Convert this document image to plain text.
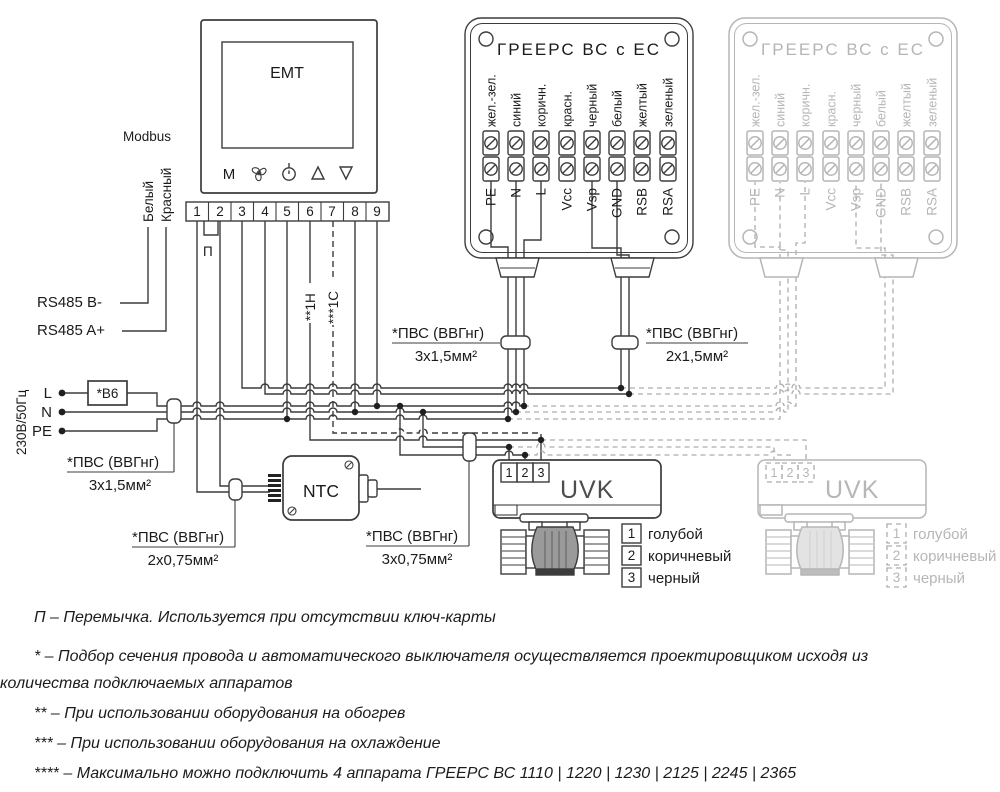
*ПВС (ВВГнг)
3х1,5мм²
*ПВС (ВВГнг)
2х0,75мм²
*ПВС (ВВГнг)
3х0,75мм²
*ПВС (ВВГнг)
3х1,5мм²
*ПВС (ВВГнг)
2х1,5мм²
**1Н ***1С
230В/50Гц L
N
PE
*В6
Modbus
Белый Красный
RS485 B-
RS485 A+
EMT
M
1 2 3 4 5 6 7 8 9
П
ГРЕЕРС ВС с ЕС
жел.-зел. синий коричн. красн. черный белый желтый зеленый
PE N L Vcc Vsp GND RSB RSA
ГРЕЕРС ВС с ЕС
жел.-зел. синий коричн. красн. черный белый желтый зеленый
PE N L Vcc Vsp GND RSB RSA
NTC
1 2 3
UVK
1
2
3
голубой
коричневый
черный
1 2 3
UVK
1
2
3
голубой
коричневый
черный
П – Перемычка. Используется при отсутствии ключ-карты
* – Подбор сечения провода и автоматического выключателя осуществляется проектировщиком исходя из количества подключаемых аппаратов
** – При использовании оборудования на обогрев
*** – При использовании оборудования на охлаждение
**** – Максимально можно подключить 4 аппарата ГРЕЕРС ВС 1110 | 1220 | 1230 | 2125 | 2245 | 2365
